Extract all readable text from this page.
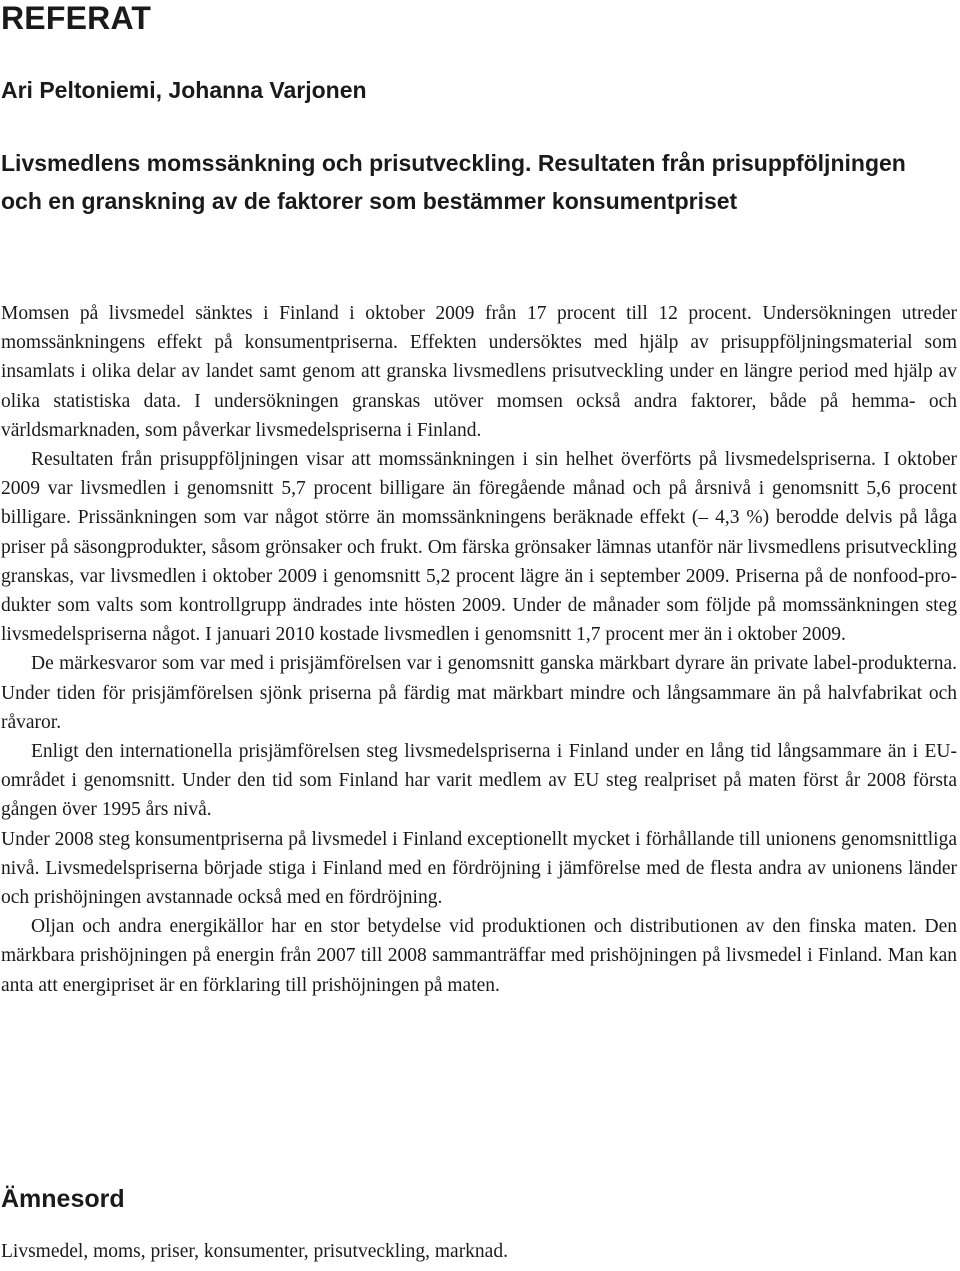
REFERAT
Ari Peltoniemi, Johanna Varjonen
Livsmedlens momssänkning och prisutveckling. Resultaten från prisuppföljningen och en granskning av de faktorer som bestämmer konsumentpriset

Momsen på livsmedel sänktes i Finland i oktober 2009 från 17 procent till 12 procent. Undersökningen utreder momssänkningens effekt på konsumentpriserna. Effekten undersöktes med hjälp av prisuppföljningsmaterial som insamlats i olika delar av landet samt genom att granska livsmedlens prisutveckling under en längre period med hjälp av olika statistiska data. I undersökningen granskas utöver momsen också andra faktorer, både på hemma- och världsmarknaden, som påverkar livsmedelspriserna i Finland.

Resultaten från prisuppföljningen visar att momssänkningen i sin helhet överförts på livsmedelspriserna. I oktober 2009 var livsmedlen i genomsnitt 5,7 procent billigare än föregående månad och på årsnivå i genomsnitt 5,6 procent billigare. Prissänkningen som var något större än momssänkningens beräknade effekt (– 4,3 %) berodde delvis på låga priser på säsongprodukter, såsom grönsaker och frukt. Om färska grönsaker lämnas utanför när livsmedlens prisutveckling granskas, var livsmedlen i oktober 2009 i genomsnitt 5,2 procent lägre än i september 2009. Priserna på de nonfood-produkter som valts som kontrollgrupp ändrades inte hösten 2009. Under de månader som följde på momssänkningen steg livsmedelspriserna något. I januari 2010 kostade livsmedlen i genomsnitt 1,7 procent mer än i oktober 2009.

De märkesvaror som var med i prisjämförelsen var i genomsnitt ganska märkbart dyrare än private label-produkterna. Under tiden för prisjämförelsen sjönk priserna på färdig mat märkbart mindre och långsammare än på halvfabrikat och råvaror.

Enligt den internationella prisjämförelsen steg livsmedelspriserna i Finland under en lång tid långsammare än i EU-området i genomsnitt. Under den tid som Finland har varit medlem av EU steg realpriset på maten först år 2008 första gången över 1995 års nivå.

Under 2008 steg konsumentpriserna på livsmedel i Finland exceptionellt mycket i förhållande till unionens genomsnittliga nivå. Livsmedelspriserna började stiga i Finland med en fördröjning i jämförelse med de flesta andra av unionens länder och prishöjningen avstannade också med en fördröjning.

Oljan och andra energikällor har en stor betydelse vid produktionen och distributionen av den finska maten. Den märkbara prishöjningen på energin från 2007 till 2008 sammanträffar med prishöjningen på livsmedel i Finland. Man kan anta att energipriset är en förklaring till prishöjningen på maten.

Ämnesord

Livsmedel, moms, priser, konsumenter, prisutveckling, marknad.
